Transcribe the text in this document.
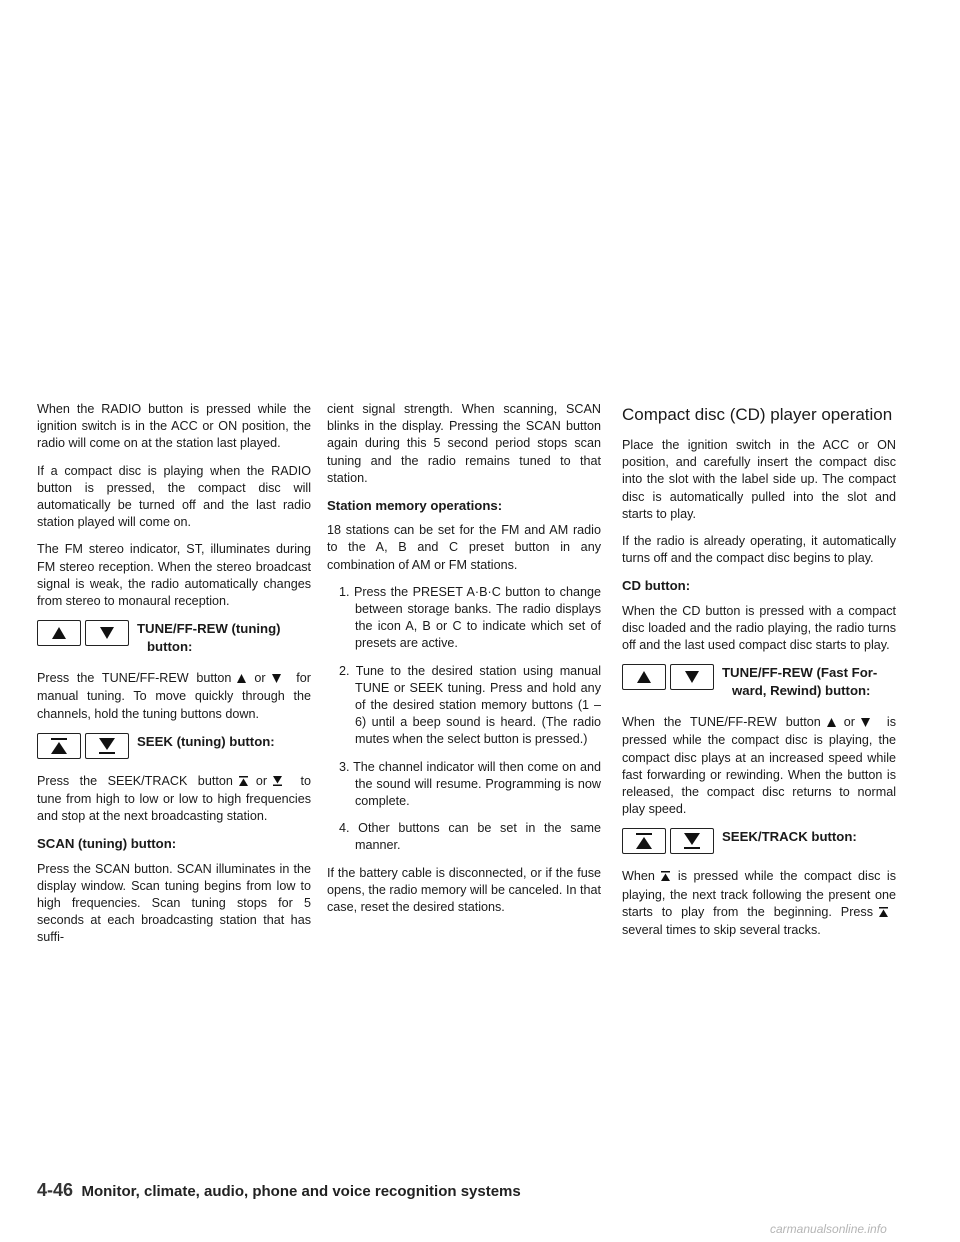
When the RADIO button is pressed while the ignition switch is in the ACC or ON position, the radio will come on at the station last played.

If a compact disc is playing when the RADIO button is pressed, the compact disc will automatically be turned off and the last radio station played will come on.

The FM stereo indicator, ST, illuminates during FM stereo reception. When the stereo broadcast signal is weak, the radio automatically changes from stereo to monaural reception.

TUNE/FF-REW (tuning)
button:

Press the TUNE/FF-REW button or for manual tuning. To move quickly through the channels, hold the tuning buttons down.

SEEK (tuning) button:

Press the SEEK/TRACK button or	to tune from high to low or low to high frequencies and stop at the next broadcasting station.

SCAN (tuning) button:

Press the SCAN button. SCAN illuminates in the display window. Scan tuning begins from low to high frequencies. Scan tuning stops for 5 seconds at each broadcasting station that has suffi-

cient signal strength. When scanning, SCAN blinks in the display. Pressing the SCAN button again during this 5 second period stops scan tuning and the radio remains tuned to that station.

Station memory operations:

18 stations can be set for the FM and AM radio to the A, B and C preset button in any combination of AM or FM stations.

1. Press the PRESET A·B·C button to change between storage banks. The radio displays the icon A, B or C to indicate which set of presets are active.
2. Tune to the desired station using manual TUNE or SEEK tuning. Press and hold any of the desired station memory buttons (1 – 6) until a beep sound is heard. (The radio mutes when the select button is pressed.)
3. The channel indicator will then come on and the sound will resume. Programming is now complete.
4. Other buttons can be set in the same manner.

If the battery cable is disconnected, or if the fuse opens, the radio memory will be canceled. In that case, reset the desired stations.

Compact disc (CD) player operation

Place the ignition switch in the ACC or ON position, and carefully insert the compact disc into the slot with the label side up. The compact disc is automatically pulled into the slot and starts to play.

If the radio is already operating, it automatically turns off and the compact disc begins to play.

CD button:

When the CD button is pressed with a compact disc loaded and the radio playing, the radio turns off and the last used compact disc starts to play.

TUNE/FF-REW (Fast For-
ward, Rewind) button:

When the TUNE/FF-REW button or	is pressed while the compact disc is playing, the compact disc plays at an increased speed while fast forwarding or rewinding. When the button is released, the compact disc returns to normal play speed.

SEEK/TRACK button:

When is pressed while the compact disc is playing, the next track following the present one starts to play from the beginning. Pressseveral times to skip several tracks.

4-46 Monitor, climate, audio, phone and voice recognition systems
carmanualsonline.info
